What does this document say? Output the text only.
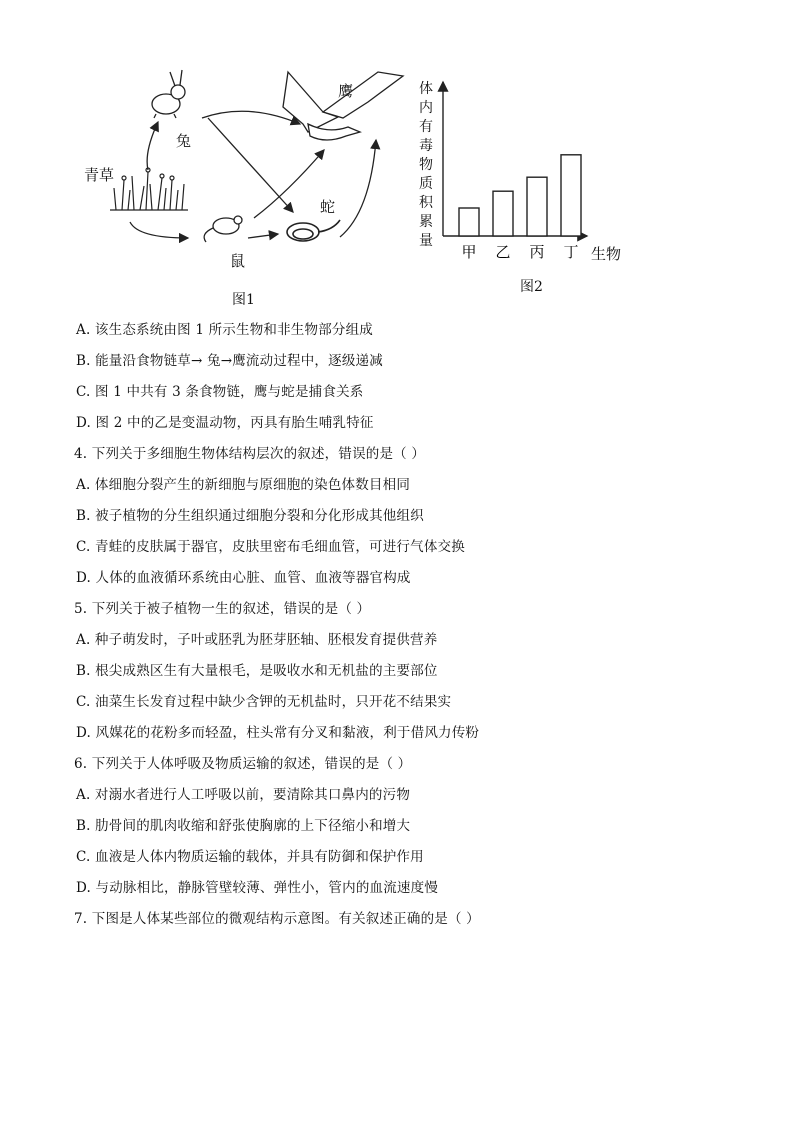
青草
兔
鹰
鼠
蛇
图1
体
内
有
毒
物
质
积
累
量
甲 乙 丙 丁 生物
图2
A. 该生态系统由图 1 所示生物和非生物部分组成
B. 能量沿食物链草→ 兔→鹰流动过程中，逐级递减
C. 图 1 中共有 3 条食物链，鹰与蛇是捕食关系
D. 图 2 中的乙是变温动物，丙具有胎生哺乳特征
4. 下列关于多细胞生物体结构层次的叙述，错误的是（ ）
A. 体细胞分裂产生的新细胞与原细胞的染色体数目相同
B. 被子植物的分生组织通过细胞分裂和分化形成其他组织
C. 青蛙的皮肤属于器官，皮肤里密布毛细血管，可进行气体交换
D. 人体的血液循环系统由心脏、血管、血液等器官构成
5. 下列关于被子植物一生的叙述，错误的是（ ）
A. 种子萌发时，子叶或胚乳为胚芽胚轴、胚根发育提供营养
B. 根尖成熟区生有大量根毛，是吸收水和无机盐的主要部位
C. 油菜生长发育过程中缺少含钾的无机盐时，只开花不结果实
D. 风媒花的花粉多而轻盈，柱头常有分叉和黏液，利于借风力传粉
6. 下列关于人体呼吸及物质运输的叙述，错误的是（ ）
A. 对溺水者进行人工呼吸以前，要清除其口鼻内的污物
B. 肋骨间的肌肉收缩和舒张使胸廓的上下径缩小和增大
C. 血液是人体内物质运输的载体，并具有防御和保护作用
D. 与动脉相比，静脉管壁较薄、弹性小，管内的血流速度慢
7. 下图是人体某些部位的微观结构示意图。有关叙述正确的是（ ）
